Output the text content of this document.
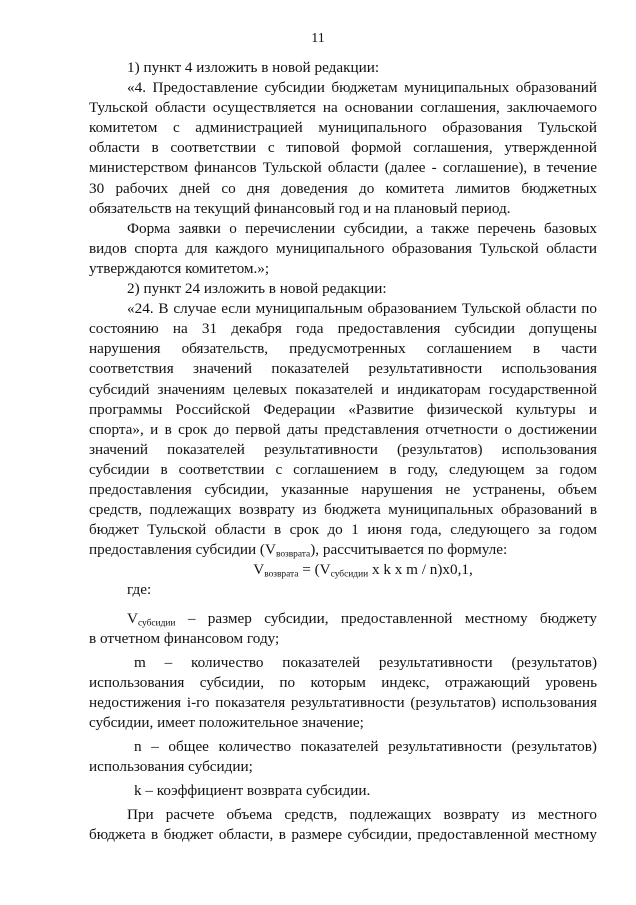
11

1) пункт 4 изложить в новой редакции:

«4. Предоставление субсидии бюджетам муниципальных образований

Тульской области осуществляется на основании соглашения, заключаемого

комитетом с администрацией муниципального образования Тульской

области в соответствии с типовой формой соглашения, утвержденной

министерством финансов Тульской области (далее - соглашение), в течение

30 рабочих дней со дня доведения до комитета лимитов бюджетных

обязательств на текущий финансовый год и на плановый период.

Форма заявки о перечислении субсидии, а также перечень базовых

видов спорта для каждого муниципального образования Тульской области

утверждаются комитетом.»;

2) пункт 24 изложить в новой редакции:

«24. В случае если муниципальным образованием Тульской области по

состоянию на 31 декабря года предоставления субсидии допущены

нарушения обязательств, предусмотренных соглашением в части

соответствия значений показателей результативности использования

субсидий значениям целевых показателей и индикаторам государственной

программы Российской Федерации «Развитие физической культуры и

спорта», и в срок до первой даты представления отчетности о достижении

значений показателей результативности (результатов) использования

субсидии в соответствии с соглашением в году, следующем за годом

предоставления субсидии, указанные нарушения не устранены, объем

средств, подлежащих возврату из бюджета муниципальных образований в

бюджет Тульской области в срок до 1 июня года, следующего за годом

предоставления субсидии $(V_{возврата})$, рассчитывается по формуле:

$V_{возврата} = (V_{субсидии}$ x k x m / n)x0,1,

где:

$V_{субсидии}$ – размер субсидии, предоставленной местному бюджету

в отчетном финансовом году;

m – количество показателей результативности (результатов)

использования субсидии, по которым индекс, отражающий уровень

недостижения i-го показателя результативности (результатов) использования

субсидии, имеет положительное значение;

n – общее количество показателей результативности (результатов)

использования субсидии;

k – коэффициент возврата субсидии.

При расчете объема средств, подлежащих возврату из местного

бюджета в бюджет области, в размере субсидии, предоставленной местному
